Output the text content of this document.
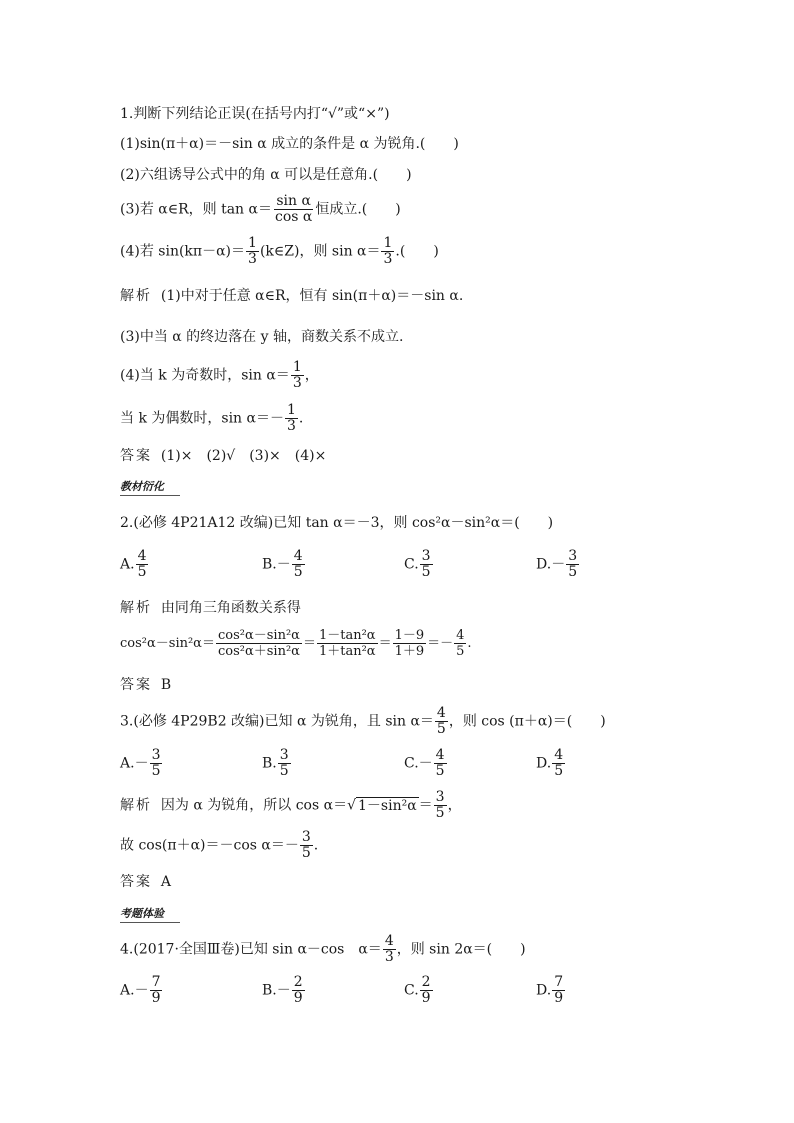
1.判断下列结论正误(在括号内打“√”或“×”)
(1)sin(π＋α)＝－sin α 成立的条件是 α 为锐角.(　　)
(2)六组诱导公式中的角 α 可以是任意角.(　　)
(3)若 α∈R，则 $\tan \alpha= \frac{\text{sin α}}{\text{cos α}}$ 恒成立.(　　)
(4)若 $\sin(k\pi-\alpha)= \frac{1}{3}$ (k∈Z)，则 $\sin \alpha= \frac{1}{3}$ .(　　)
解析 (1)中对于任意 α∈R，恒有 sin(π＋α)＝－sin α.
(3)中当 α 的终边落在 y 轴，商数关系不成立.
(4)当 k 为奇数时，$\sin \alpha= \frac{1}{3}$ ，
当 k 为偶数时，$\sin \alpha=- \frac{1}{3}$ .
答案 (1)×　(2)√　(3)×　(4)×
教材衍化
2.(必修 4P21A12 改编)已知 tan α＝－3，则 cos²α－sin²α＝(　　)
A. $\frac{4}{5}$	$B.- \frac{4}{5}$	C. $\frac{3}{5}$	$D.- \frac{3}{5}$
解析 由同角三角函数关系得
$\cos^2\alpha-\sin^2\alpha= \frac{\text{cos²α－sin²α}}{\text{cos²α＋sin²α}} = \frac{\text{1－tan²α}}{\text{1＋tan²α}} = \frac{1-9}{1+9} =- \frac{4}{5}$ .
答案 B
3.(必修 4P29B2 改编)已知 α 为锐角，且 $\sin \alpha= \frac{4}{5}$ ，则 cos (π＋α)＝(　　)
$A.- \frac{3}{5}$	B. $\frac{3}{5}$	$C.- \frac{4}{5}$	D. $\frac{4}{5}$
解析 因为 α 为锐角，所以 cos α＝√ $1-\sin^2\alpha = \frac{3}{5}$ ，
故 cos(π＋α)＝－cos $\alpha=- \frac{3}{5}$ .
答案 A
考题体验
4.(2017·全国Ⅲ卷)已知 sin α－cos　$\alpha= \frac{4}{3}$ ，则 sin 2α＝(　　)
$A.- \frac{7}{9}$	$B.- \frac{2}{9}$	C. $\frac{2}{9}$	D. $\frac{7}{9}$
